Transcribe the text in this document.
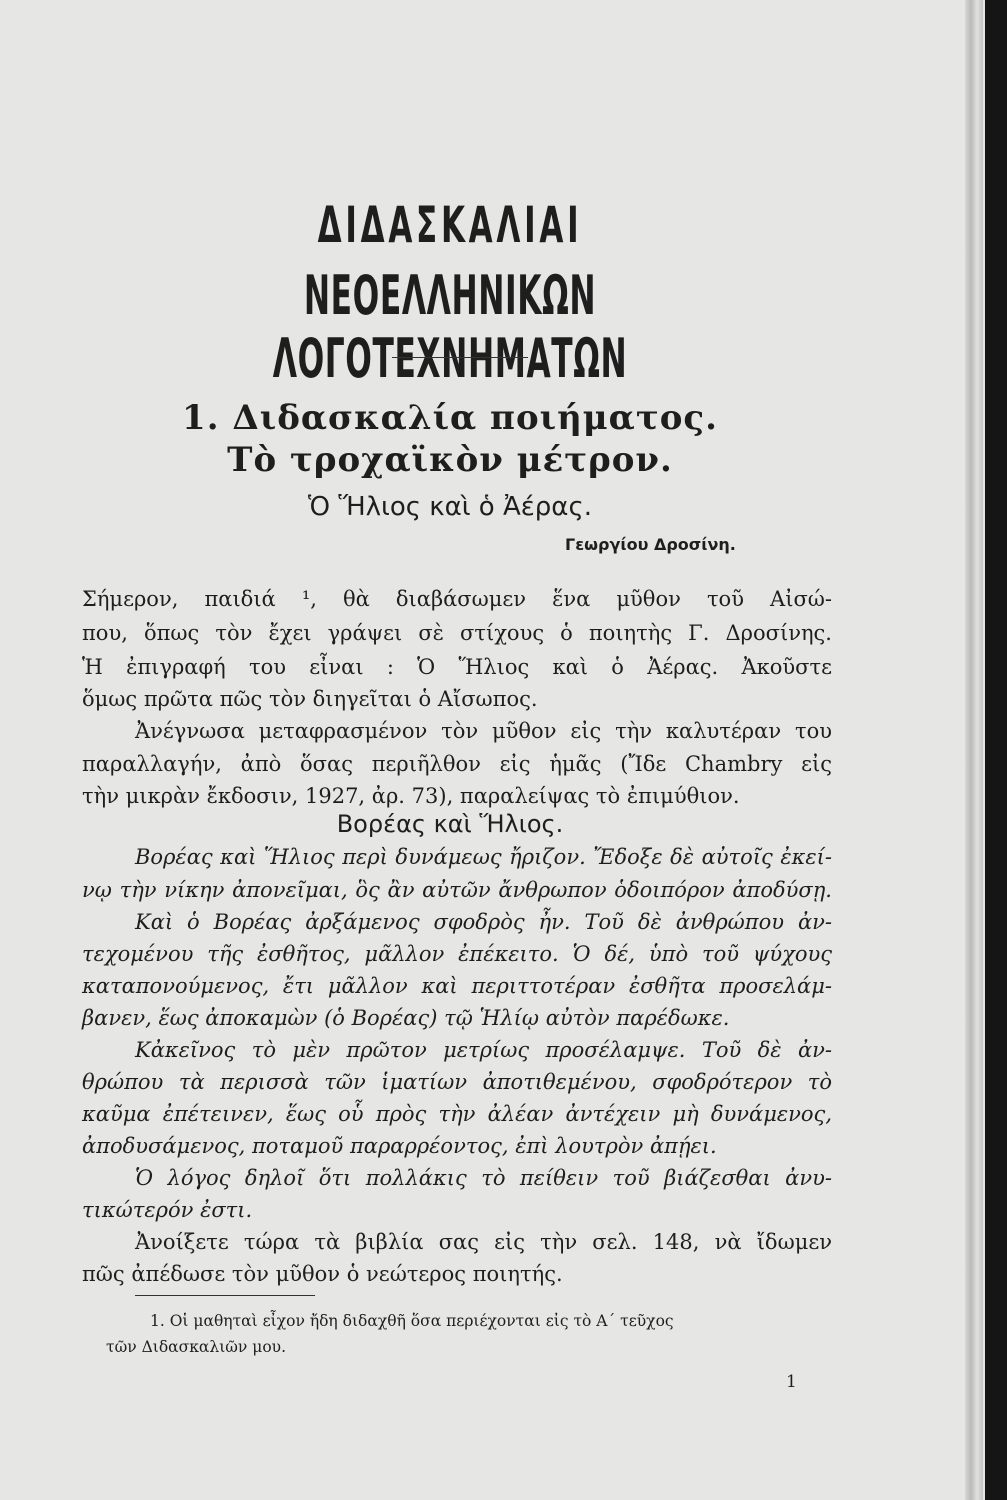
ΔΙΔΑΣΚΑΛΙΑΙ
ΝΕΟΕΛΛΗΝΙΚΩΝ ΛΟΓΟΤΕΧΝΗΜΑΤΩΝ
1. Διδασκαλία ποιήματος.
Τὸ τροχαϊκὸν μέτρον.
Ὁ Ἥλιος καὶ ὁ Ἀέρας.
Γεωργίου Δροσίνη.
Σήμερον, παιδιά ¹, θὰ διαβάσωμεν ἕνα μῦθον τοῦ Αἰσώ-
που, ὅπως τὸν ἔχει γράψει σὲ στίχους ὁ ποιητὴς Γ. Δροσίνης.
Ἡ ἐπιγραφή του εἶναι : Ὁ Ἥλιος καὶ ὁ Ἀέρας. Ἀκοῦστε
ὅμως πρῶτα πῶς τὸν διηγεῖται ὁ Αἴσωπος.
Ἀνέγνωσα μεταφρασμένον τὸν μῦθον εἰς τὴν καλυτέραν του
παραλλαγήν, ἀπὸ ὅσας περιῆλθον εἰς ἡμᾶς (Ἴδε Chambry εἰς
τὴν μικρὰν ἔκδοσιν, 1927, ἀρ. 73), παραλείψας τὸ ἐπιμύθιον.
Βορέας καὶ Ἥλιος.
Βορέας καὶ Ἥλιος περὶ δυνάμεως ἤριζον. Ἔδοξε δὲ αὐτοῖς ἐκεί-
νῳ τὴν νίκην ἀπονεῖμαι, ὃς ἂν αὐτῶν ἄνθρωπον ὁδοιπόρον ἀποδύσῃ.
Καὶ ὁ Βορέας ἀρξάμενος σφοδρὸς ἦν. Τοῦ δὲ ἀνθρώπου ἀν-
τεχομένου τῆς ἐσθῆτος, μᾶλλον ἐπέκειτο. Ὁ δέ, ὑπὸ τοῦ ψύχους
καταπονούμενος, ἔτι μᾶλλον καὶ περιττοτέραν ἐσθῆτα προσελάμ-
βανεν, ἕως ἀποκαμὼν (ὁ Βορέας) τῷ Ἡλίῳ αὐτὸν παρέδωκε.
Κἀκεῖνος τὸ μὲν πρῶτον μετρίως προσέλαμψε. Τοῦ δὲ ἀν-
θρώπου τὰ περισσὰ τῶν ἱματίων ἀποτιθεμένου, σφοδρότερον τὸ
καῦμα ἐπέτεινεν, ἕως οὗ πρὸς τὴν ἀλέαν ἀντέχειν μὴ δυνάμενος,
ἀποδυσάμενος, ποταμοῦ παραρρέοντος, ἐπὶ λουτρὸν ἀπῄει.
Ὁ λόγος δηλοῖ ὅτι πολλάκις τὸ πείθειν τοῦ βιάζεσθαι ἀνυ-
τικώτερόν ἐστι.
Ἀνοίξετε τώρα τὰ βιβλία σας εἰς τὴν σελ. 148, νὰ ἴδωμεν
πῶς ἀπέδωσε τὸν μῦθον ὁ νεώτερος ποιητής.
1. Οἱ μαθηταὶ εἶχον ἤδη διδαχθῆ ὅσα περιέχονται εἰς τὸ Α΄ τεῦχος
τῶν Διδασκαλιῶν μου.
1
